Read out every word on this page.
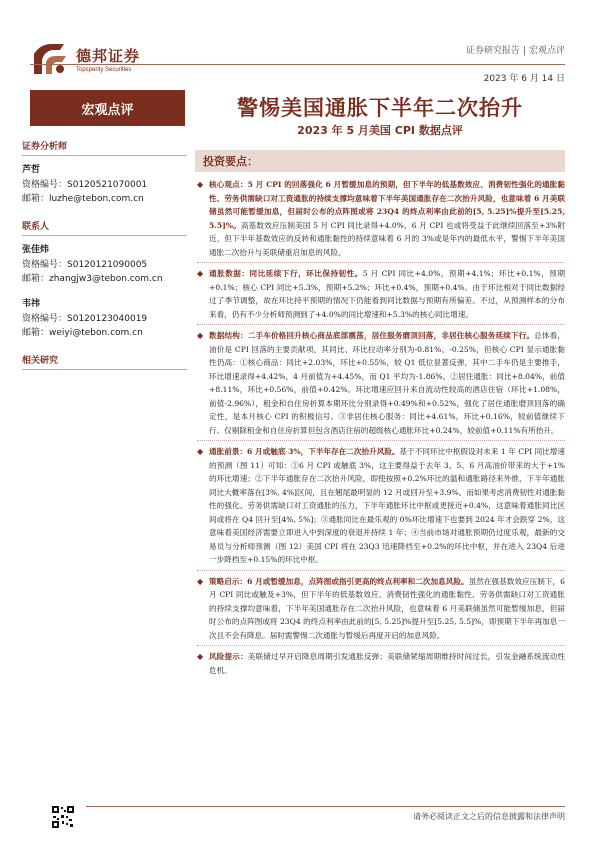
德邦证券
Topsperity Securities
证券研究报告 | 宏观点评
2023 年 6 月 14 日
宏观点评
证券分析师
芦哲
资格编号：S0120521070001
邮箱：luzhe@tebon.com.cn
联系人
张佳炜
资格编号：S0120121090005
邮箱：zhangjw3@tebon.com.cn
韦祎
资格编号：S0120123040019
邮箱：weiyi@tebon.com.cn
相关研究
警惕美国通胀下半年二次抬升
2023 年 5 月美国 CPI 数据点评
投资要点：
◆ 核心观点：5 月 CPI 的回落强化 6 月暂缓加息的预期，但下半年的低基数效应、消费韧性强化的通胀黏性、劳务供需缺口对工资通胀的持续支撑均意味着下半年美国通胀存在二次抬升风险，也意味着 6 月美联储虽然可能暂缓加息，但届时公布的点阵图或将 23Q4 的终点利率由此前的[5, 5.25]%提升至[5.25, 5.5]%。高基数效应压制美国 5 月 CPI 同比录得+4.0%，6 月 CPI 也或将受益于此继续回落至+3%附近，但下半年基数效应的反转和通胀黏性的持续意味着 6 月的 3%或是年内的最低水平，警惕下半年美国通胀二次抬升与美联储重启加息的风险。
◆ 通胀数据：同比延续下行，环比保持韧性。5 月 CPI 同比+4.0%，预期+4.1%；环比+0.1%，预期+0.1%；核心 CPI 同比+5.3%，预期+5.2%；环比+0.4%，预期+0.4%。由于环比相对于同比数据经过了季节调整，故在环比持平预期的情况下仍能看到同比数据与预期有所偏差。不过，从预测样本的分布来看，仍有不少分析师预测到了+4.0%的同比增速和+5.3%的核心同比增速。
◆ 数据结构：二手车价格回升核心商品底部震荡，居住服务磨顶回落，非居住核心服务延续下行。总体看，油价是 CPI 回落的主要贡献项，其同比、环比拉动率分别为-0.81%、-0.25%，但核心 CPI 显示通胀黏性仍高：①核心商品：同比+2.03%，环比+0.55%，较 Q1 低位显著反弹，其中二手车仍是主要推手，环比增速录得+4.42%，4 月前值为+4.45%，而 Q1 平均为-1.86%。②居住通胀：同比+8.04%，前值+8.11%，环比+0.56%，前值+0.42%。环比增速应回升来自流动性较高的酒店住宿（环比+1.08%，前值-2.96%），租金和自住房折算本期环比分别录得+0.49%和+0.52%，强化了居住通胀磨顶回落的确定性，是本月核心 CPI 的积极信号。③非居住核心服务：同比+4.61%，环比+0.16%，较前值继续下行。仅剔除租金和自住房折算但包含酒店住宿的超级核心通胀环比+0.24%，较前值+0.11%有所抬升。
◆ 通胀前景：6 月或触底 3%，下半年存在二次抬升风险。基于不同环比中枢假设对未来 1 年 CPI 同比增速的预测（图 11）可知：①6 月 CPI 或触底 3%，这主要得益于去年 3、5、6 月高油价带来的大于+1%的环比增速；②下半年通胀存在二次抬升风险，即使按照+0.2%环比的温和通胀路径来外推，下半年通胀同比大概率落在[3%, 4%]区间，且在翘尾最明显的 12 月或回升至+3.9%。而如果考虑消费韧性对通胀黏性的强化、劳务供需缺口对工资通胀的压力，下半年通胀环比中枢或更接近+0.4%，这意味着通胀同比区间或将在 Q4 回升至[4%, 5%]；③通胀同比在最乐观的 0%环比增速下也要到 2024 年才会跌穿 2%，这意味着美国经济需要立即进入中到深度的衰退并持续 1 年；④当前市场对通胀预期仍过度乐观，最新的交易员与分析师预测（图 12）美国 CPI 将在 23Q3 迅速降档至+0.2%的环比中枢，并在进入 23Q4 后进一步降档至+0.15%的环比中枢。
◆ 策略启示：6 月或暂缓加息，点阵图或指引更高的终点利率和二次加息风险。虽然在强基数效应压制下，6 月 CPI 同比或触及+3%，但下半年的低基数效应、消费韧性强化的通胀黏性、劳务供需缺口对工资通胀的持续支撑均意味着，下半年美国通胀存在二次抬升风险，也意味着 6 月美联储虽然可能暂缓加息，但届时公布的点阵图或将 23Q4 的终点利率由此前的[5, 5.25]%提升至[5.25, 5.5]%，即预期下半年再加息一次且不会有降息。届时需警惕二次通胀与暂缓后再度开启的加息风险。
◆ 风险提示：美联储过早开启降息周期引发通胀反弹；美联储紧缩周期维持时间过长，引发金融系统流动性危机。
请务必阅读正文之后的信息披露和法律声明
